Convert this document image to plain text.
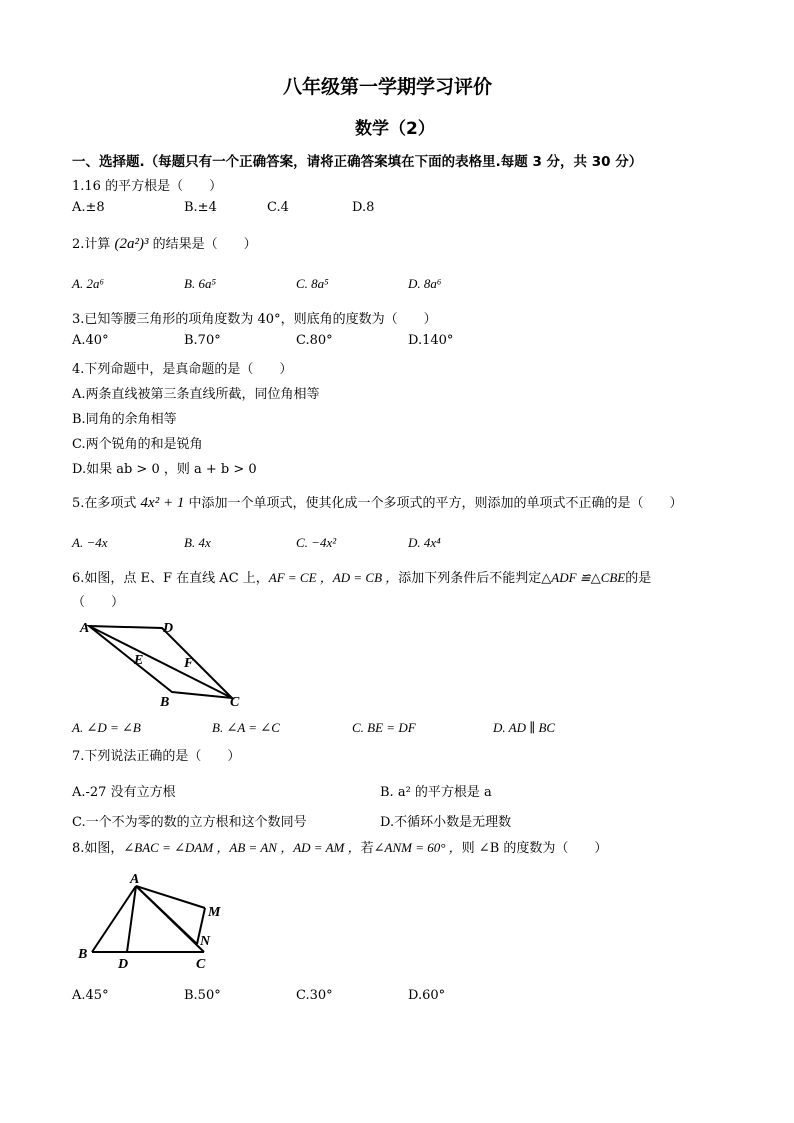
八年级第一学期学习评价
数学（2）
一、选择题.（每题只有一个正确答案，请将正确答案填在下面的表格里.每题 3 分，共 30 分）
1.16 的平方根是（　　）
A.±8	B.±4	C.4	D.8
2.计算 (2a²)³ 的结果是（　　）
A. 2a⁶	B. 6a⁵	C. 8a⁵	D. 8a⁶
3.已知等腰三角形的项角度数为 40°，则底角的度数为（　　）
A.40°	B.70°	C.80°	D.140°
4.下列命题中，是真命题的是（　　）
A.两条直线被第三条直线所截，同位角相等
B.同角的余角相等
C.两个锐角的和是锐角
D.如果 ab > 0 ，则 a + b > 0
5.在多项式 4x² + 1 中添加一个单项式，使其化成一个多项式的平方，则添加的单项式不正确的是（　　）
A. −4x	B. 4x	C. −4x²	D. 4x⁴
6.如图，点 E、F 在直线 AC 上，AF = CE ，AD = CB ，添加下列条件后不能判定△ADF ≌△CBE的是
（　　）
A	D
E	F
B	C
A. ∠D = ∠B	B. ∠A = ∠C	C. BE = DF	D. AD ∥ BC
7.下列说法正确的是（　　）
A.-27 没有立方根	B. a² 的平方根是 a
C.一个不为零的数的立方根和这个数同号	D.不循环小数是无理数
8.如图，∠BAC = ∠DAM ，AB = AN ，AD = AM ，若∠ANM = 60° ，则 ∠B 的度数为（　　）
A
M
N
B
D	C
A.45°	B.50°	C.30°	D.60°
